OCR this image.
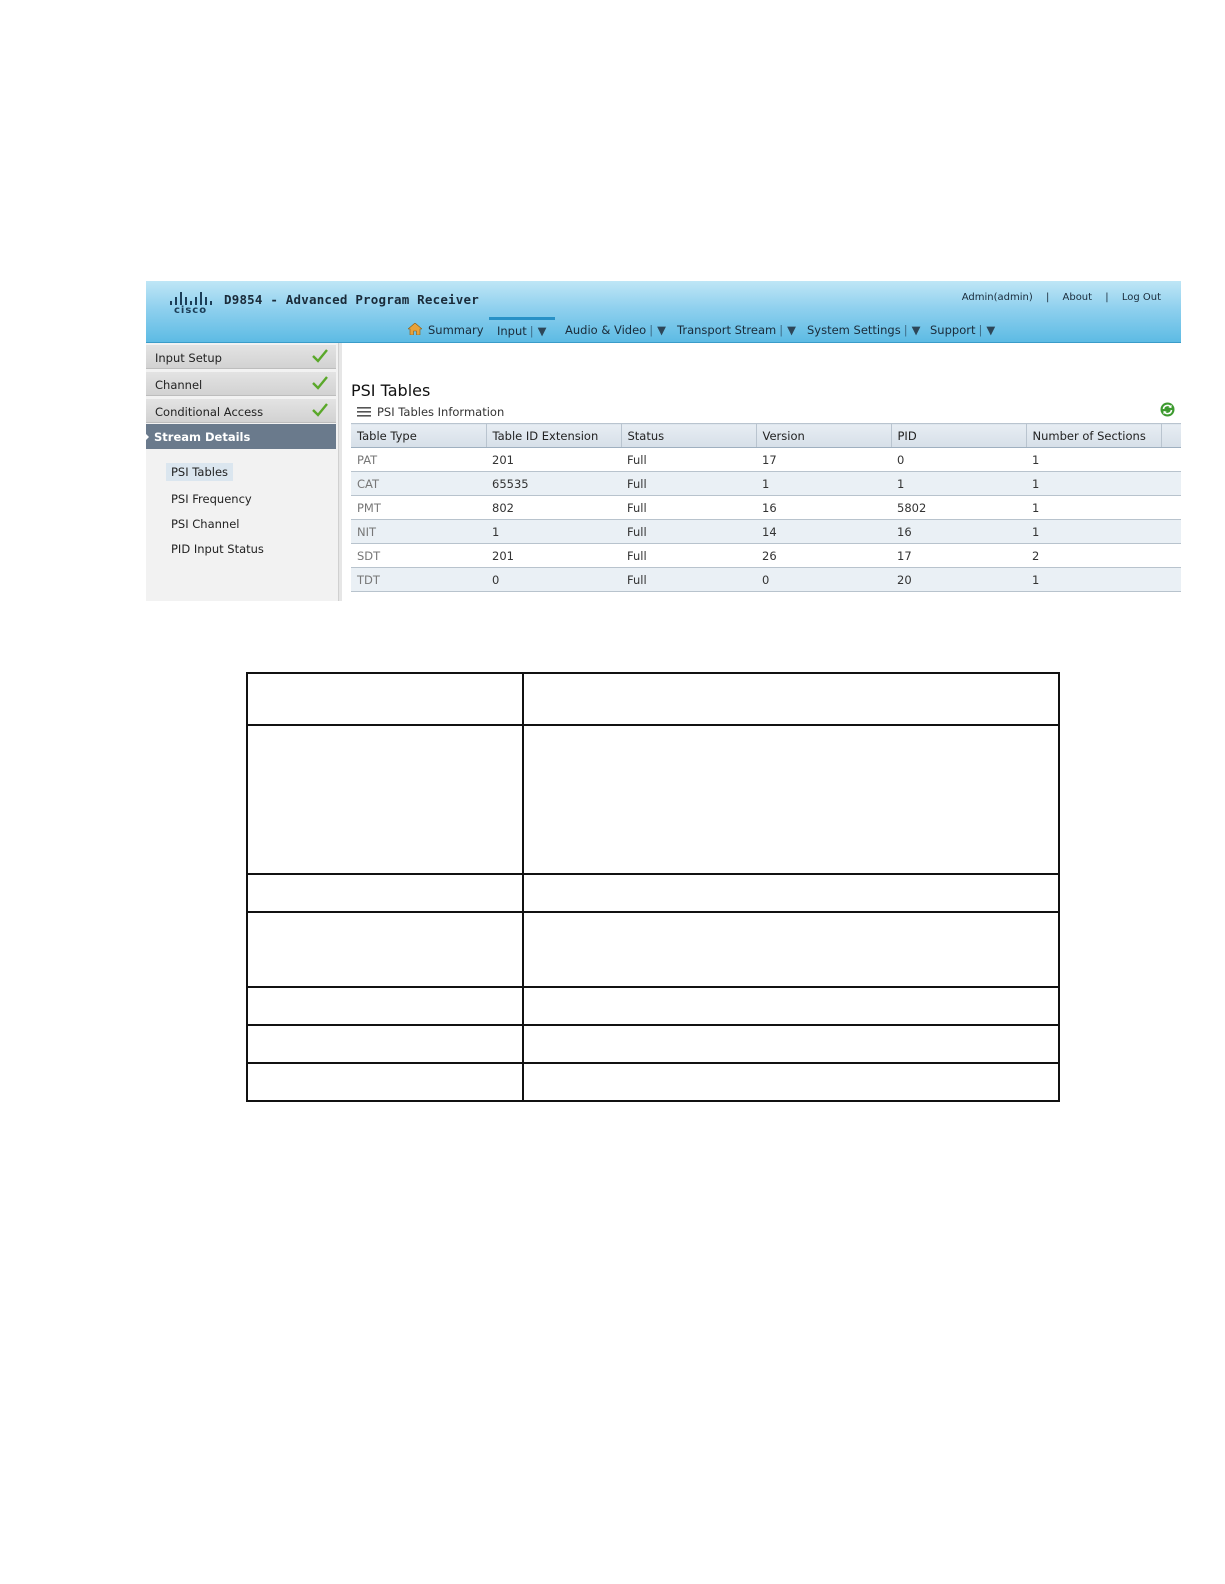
cisco
D9854 - Advanced Program Receiver	Admin(admin) | About | Log Out
Summary	Input | ▼	Audio & Video | ▼ Transport Stream | ▼ System Settings | ▼ Support | ▼
Input Setup
Channel
Conditional Access
Stream Details
PSI Tables
PSI Frequency
PSI Channel
PID Input Status
PSI Tables
PSI Tables Information
Table Type	Table ID Extension	Status	Version	PID	Number of Sections	
PAT	201	Full	17	0	1	
CAT	65535	Full	1	1	1	
PMT	802	Full	16	5802	1	
NIT	1	Full	14	16	1	
SDT	201	Full	26	17	2	
TDT	0	Full	0	20	1	
